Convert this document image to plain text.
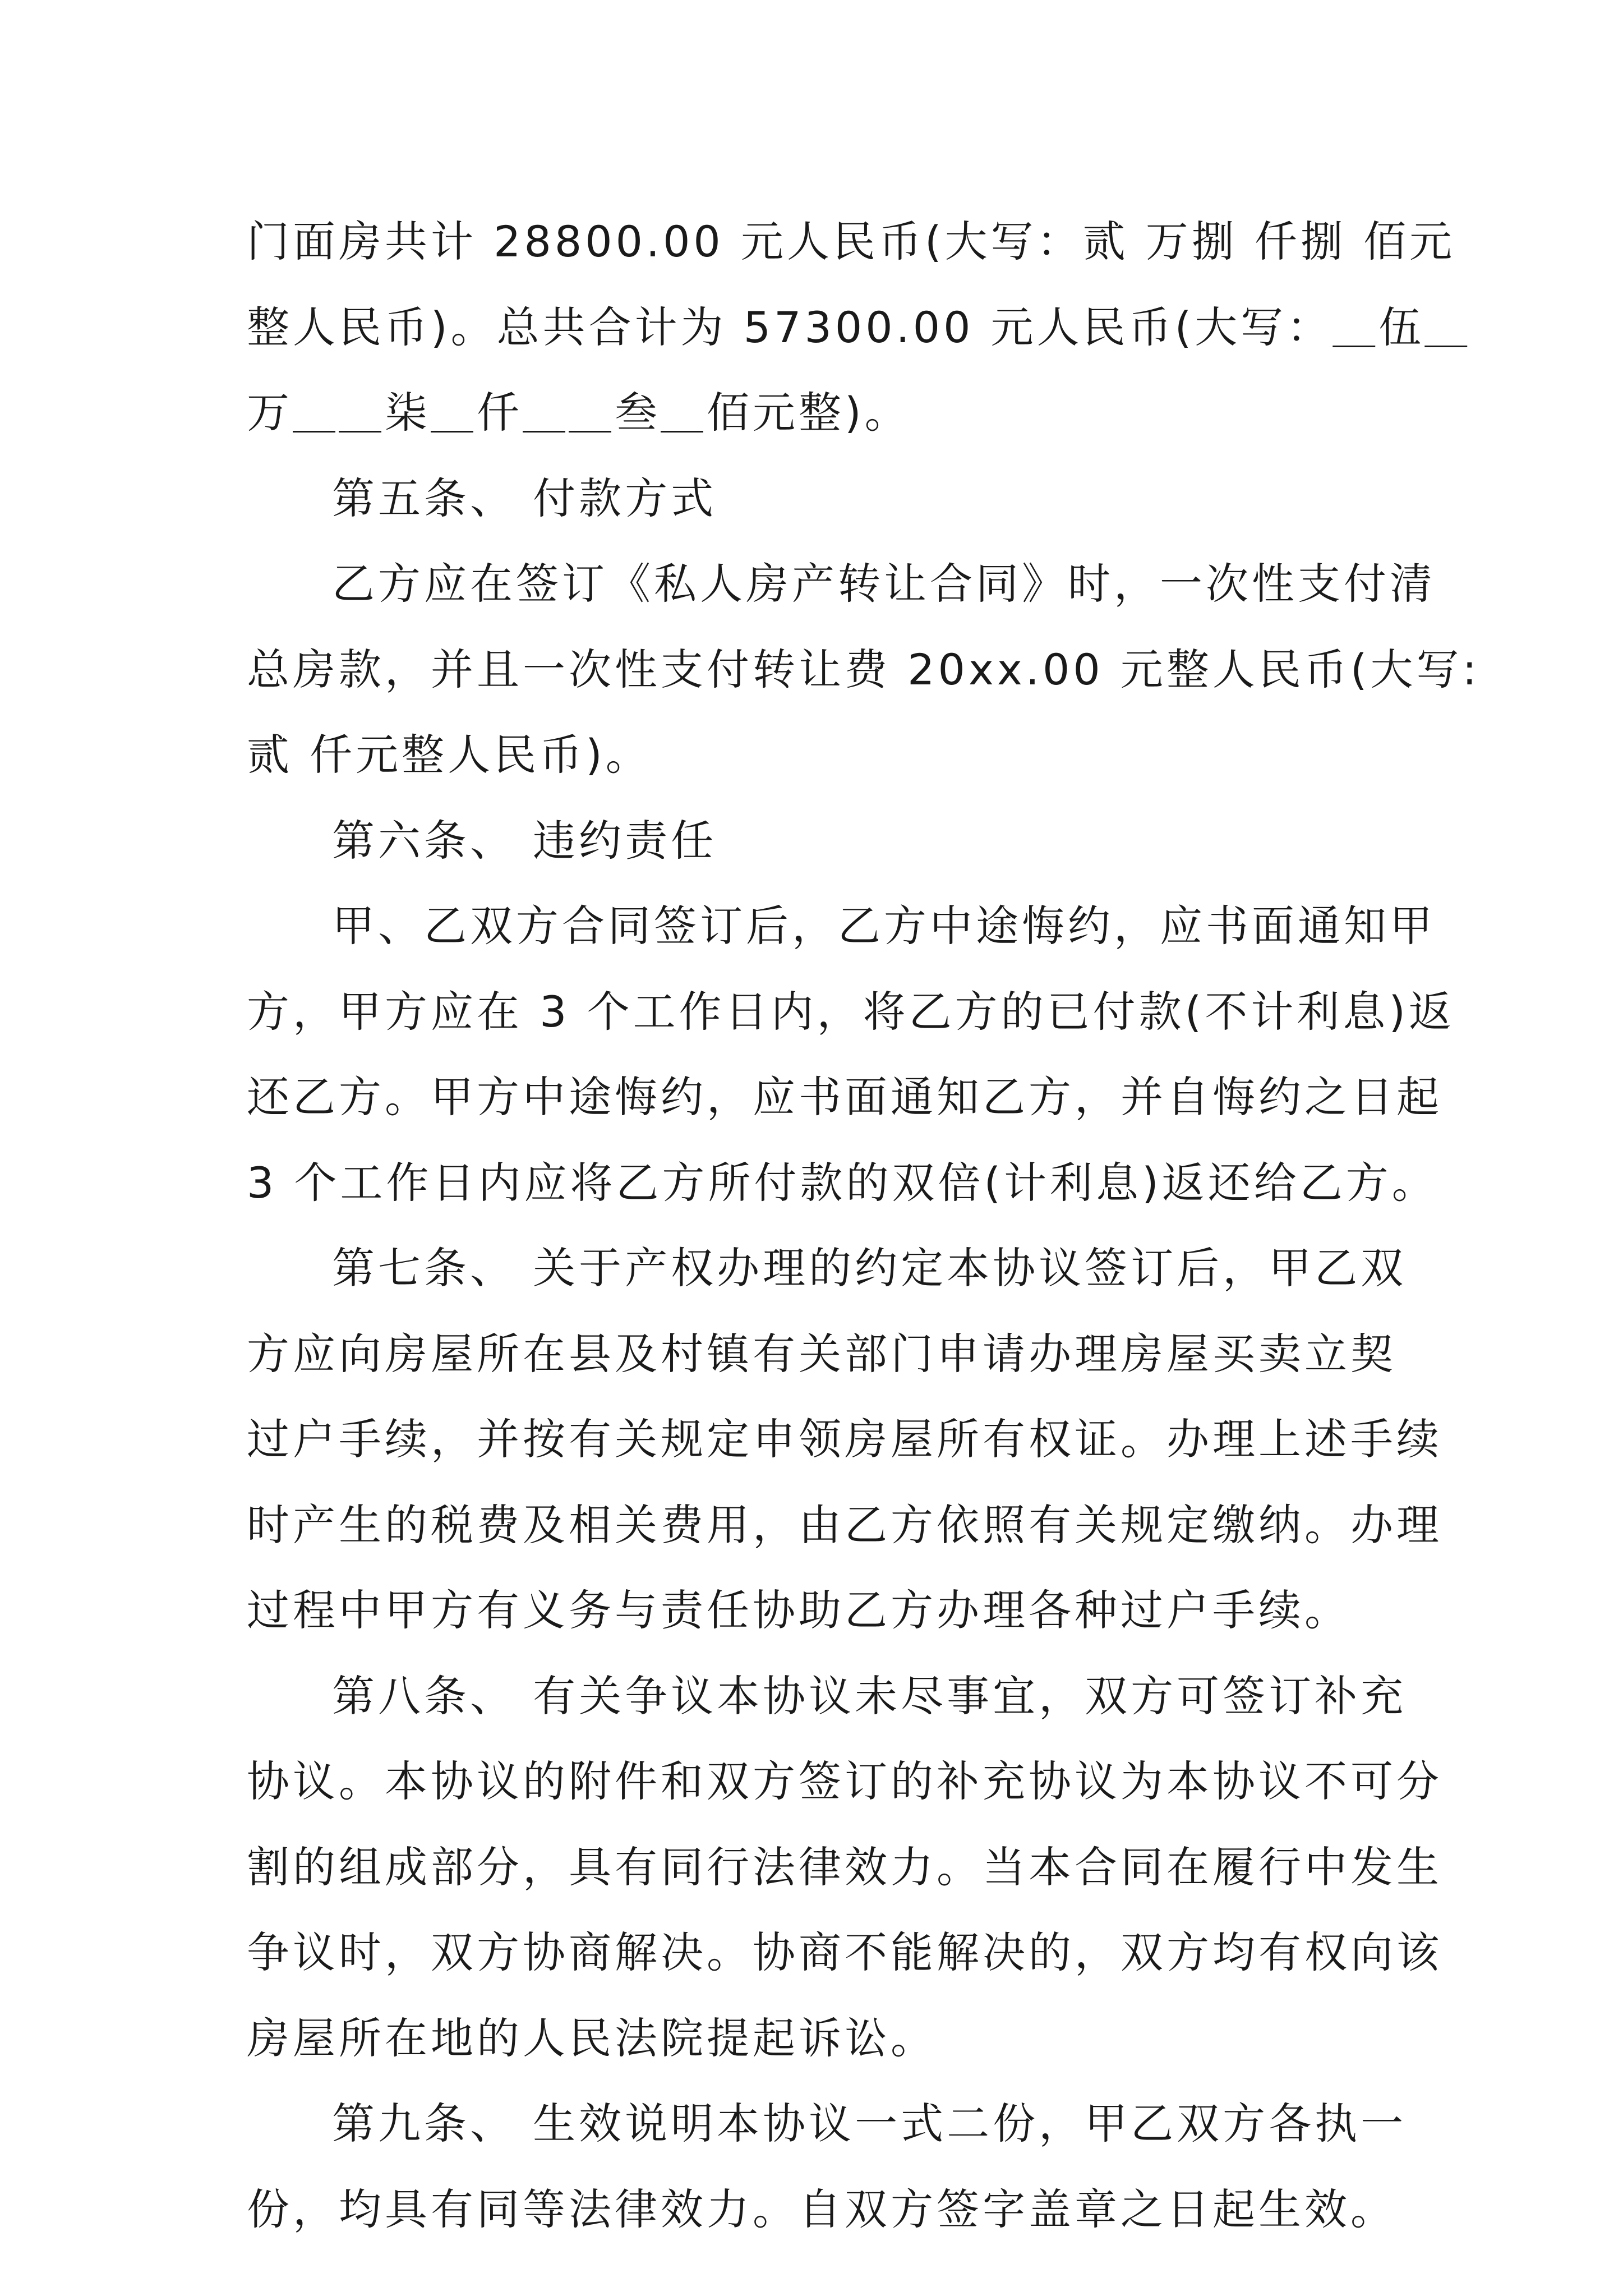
门面房共计 28800.00 元人民币(大写：贰 万捌 仟捌 佰元
整人民币)。总共合计为 57300.00 元人民币(大写：＿伍＿
万＿＿柒＿仟＿＿叁＿佰元整)。

第五条、 付款方式

乙方应在签订《私人房产转让合同》时，一次性支付清
总房款，并且一次性支付转让费 20xx.00 元整人民币(大写:
贰 仟元整人民币)。

第六条、 违约责任

甲、乙双方合同签订后，乙方中途悔约，应书面通知甲
方，甲方应在 3 个工作日内，将乙方的已付款(不计利息)返
还乙方。甲方中途悔约，应书面通知乙方，并自悔约之日起
3 个工作日内应将乙方所付款的双倍(计利息)返还给乙方。

第七条、 关于产权办理的约定本协议签订后，甲乙双
方应向房屋所在县及村镇有关部门申请办理房屋买卖立契
过户手续，并按有关规定申领房屋所有权证。办理上述手续
时产生的税费及相关费用，由乙方依照有关规定缴纳。办理
过程中甲方有义务与责任协助乙方办理各种过户手续。

第八条、 有关争议本协议未尽事宜，双方可签订补充
协议。本协议的附件和双方签订的补充协议为本协议不可分
割的组成部分，具有同行法律效力。当本合同在履行中发生
争议时，双方协商解决。协商不能解决的，双方均有权向该
房屋所在地的人民法院提起诉讼。

第九条、 生效说明本协议一式二份，甲乙双方各执一
份，均具有同等法律效力。自双方签字盖章之日起生效。
